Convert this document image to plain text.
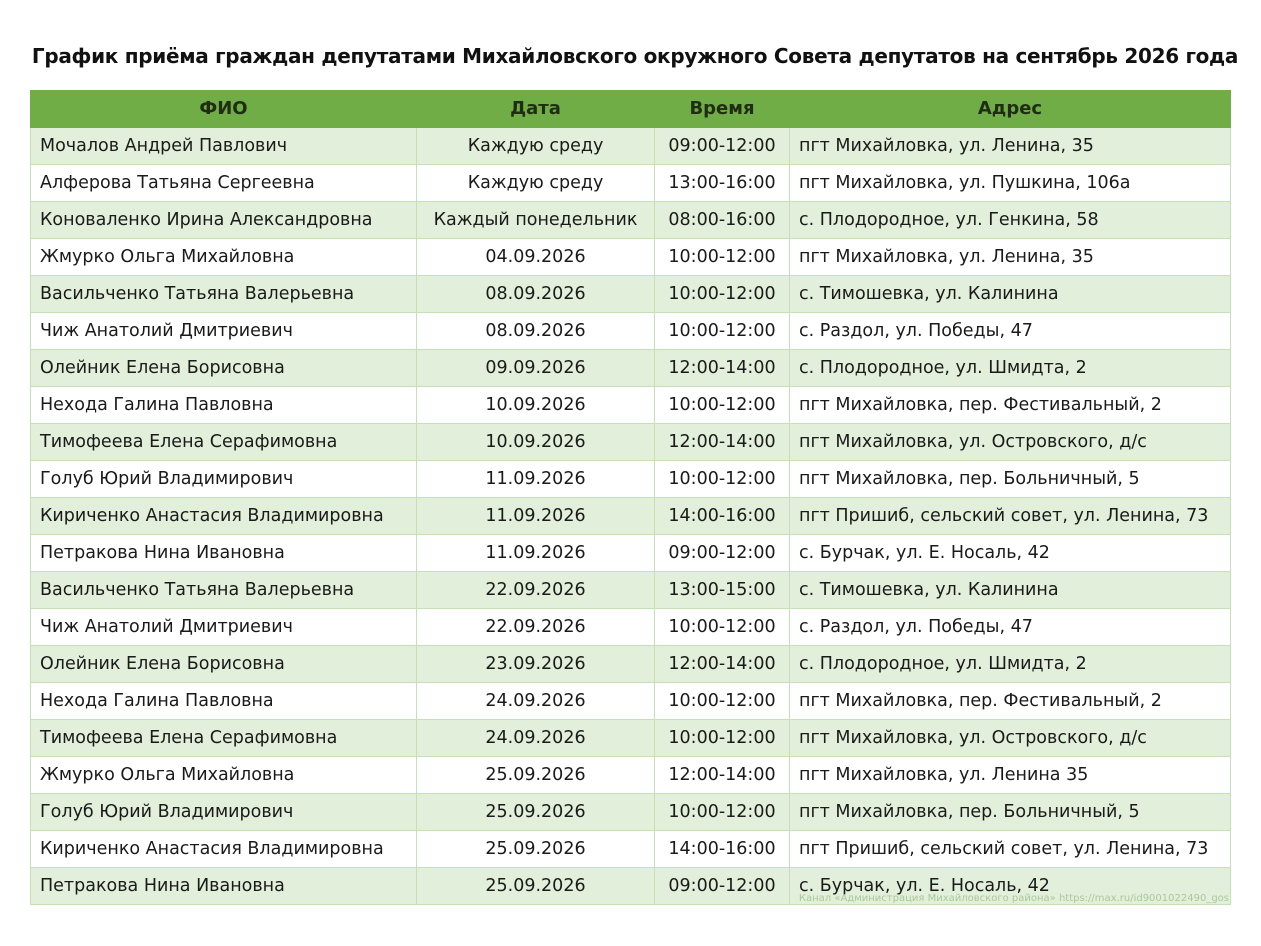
График приёма граждан депутатами Михайловского окружного Совета депутатов на сентябрь 2026 года
ФИО	Дата	Время	Адрес
Мочалов Андрей Павлович	Каждую среду	09:00-12:00	пгт Михайловка, ул. Ленина, 35
Алферова Татьяна Сергеевна	Каждую среду	13:00-16:00	пгт Михайловка, ул. Пушкина, 106а
Коноваленко Ирина Александровна	Каждый понедельник	08:00-16:00	с. Плодородное, ул. Генкина, 58
Жмурко Ольга Михайловна	04.09.2026	10:00-12:00	пгт Михайловка, ул. Ленина, 35
Васильченко Татьяна Валерьевна	08.09.2026	10:00-12:00	с. Тимошевка, ул. Калинина
Чиж Анатолий Дмитриевич	08.09.2026	10:00-12:00	с. Раздол, ул. Победы, 47
Олейник Елена Борисовна	09.09.2026	12:00-14:00	с. Плодородное, ул. Шмидта, 2
Нехода Галина Павловна	10.09.2026	10:00-12:00	пгт Михайловка, пер. Фестивальный, 2
Тимофеева Елена Серафимовна	10.09.2026	12:00-14:00	пгт Михайловка, ул. Островского, д/с
Голуб Юрий Владимирович	11.09.2026	10:00-12:00	пгт Михайловка, пер. Больничный, 5
Кириченко Анастасия Владимировна	11.09.2026	14:00-16:00	пгт Пришиб, сельский совет, ул. Ленина, 73
Петракова Нина Ивановна	11.09.2026	09:00-12:00	с. Бурчак, ул. Е. Носаль, 42
Васильченко Татьяна Валерьевна	22.09.2026	13:00-15:00	с. Тимошевка, ул. Калинина
Чиж Анатолий Дмитриевич	22.09.2026	10:00-12:00	с. Раздол, ул. Победы, 47
Олейник Елена Борисовна	23.09.2026	12:00-14:00	с. Плодородное, ул. Шмидта, 2
Нехода Галина Павловна	24.09.2026	10:00-12:00	пгт Михайловка, пер. Фестивальный, 2
Тимофеева Елена Серафимовна	24.09.2026	10:00-12:00	пгт Михайловка, ул. Островского, д/с
Жмурко Ольга Михайловна	25.09.2026	12:00-14:00	пгт Михайловка, ул. Ленина 35
Голуб Юрий Владимирович	25.09.2026	10:00-12:00	пгт Михайловка, пер. Больничный, 5
Кириченко Анастасия Владимировна	25.09.2026	14:00-16:00	пгт Пришиб, сельский совет, ул. Ленина, 73
Петракова Нина Ивановна	25.09.2026	09:00-12:00	с. Бурчак, ул. Е. Носаль, 42
Канал «Администрация Михайловского района» https://max.ru/id9001022490_gos
